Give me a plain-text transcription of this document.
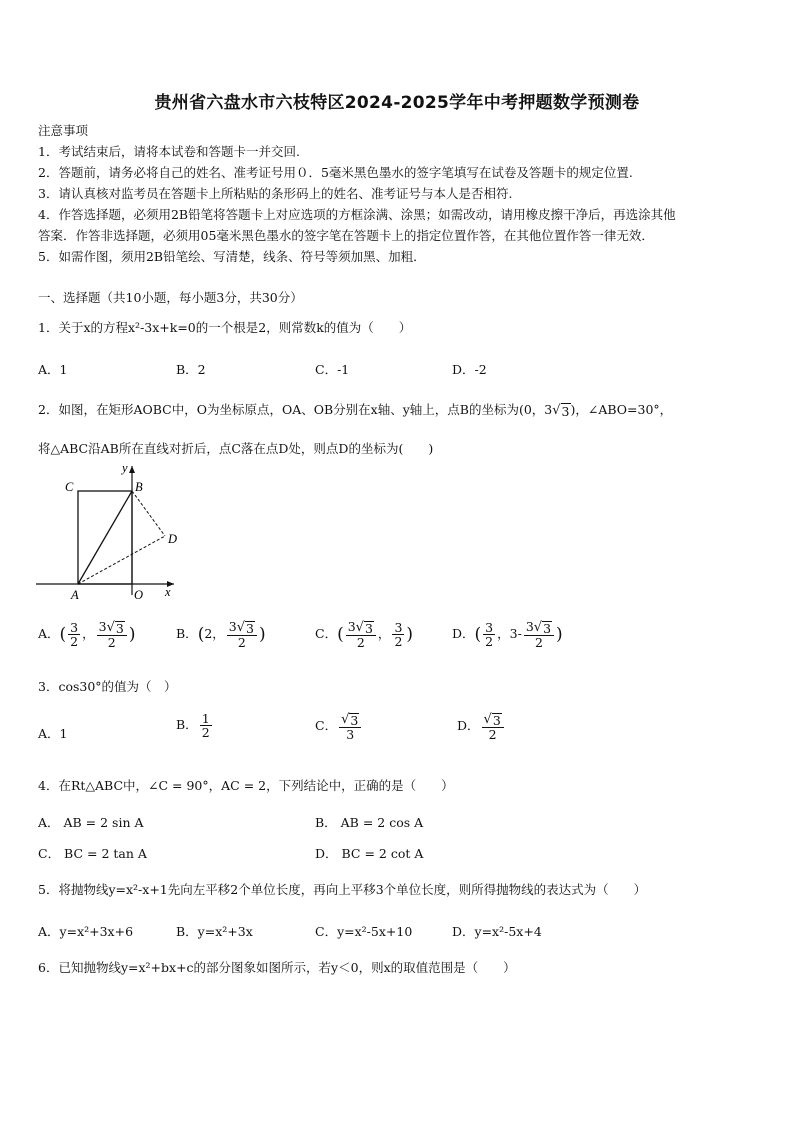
贵州省六盘水市六枝特区2024-2025学年中考押题数学预测卷
注意事项
1．考试结束后，请将本试卷和答题卡一并交回.
2．答题前，请务必将自己的姓名、准考证号用０．5毫米黑色墨水的签字笔填写在试卷及答题卡的规定位置.
3．请认真核对监考员在答题卡上所粘贴的条形码上的姓名、准考证号与本人是否相符.
4．作答选择题，必须用2B铅笔将答题卡上对应选项的方框涂满、涂黑；如需改动，请用橡皮擦干净后，再选涂其他
答案．作答非选择题，必须用05毫米黑色墨水的签字笔在答题卡上的指定位置作答，在其他位置作答一律无效．
5．如需作图，须用2B铅笔绘、写清楚，线条、符号等须加黑、加粗．
一、选择题（共10小题，每小题3分，共30分）
1．关于x的方程x²-3x+k=0的一个根是2，则常数k的值为（　　）
A．1	B．2	C．-1	D．-2
2．如图，在矩形AOBC中，O为坐标原点，OA、OB分别在x轴、y轴上，点B的坐标为(0，3 √ 3 )，∠ABO=30°，
将△ABC沿AB所在直线对折后，点C落在点D处，则点D的坐标为(　　)
C	B
D
A	O x
y
A．( $\frac{3}{2}$ ， $\frac{3 √ 3}{2}$ )	B．(2， $\frac{3 √ 3}{2}$ )	C．( $\frac{3 √ 3}{2}$ ， $\frac{3}{2}$ )	D．( $\frac{3}{2}$ ，$3- \frac{3 √ 3}{2}$ )
3．cos30°的值为（　）
A．1
B． $\frac{1}{2}$	C． $\frac{√ 3}{3}$	D． $\frac{√ 3}{2}$
4．在Rt△ABC中，∠C = 90°，AC = 2，下列结论中，正确的是（　　）
A． AB = 2 sin A	B． AB = 2 cos A
C． BC = 2 tan A	D． BC = 2 cot A
5．将抛物线y=x²-x+1先向左平移2个单位长度，再向上平移3个单位长度，则所得抛物线的表达式为（　　）
A．y=x²+3x+6	B．y=x²+3x	C．y=x²-5x+10	D．y=x²-5x+4
6．已知抛物线y=x²+bx+c的部分图象如图所示，若y＜0，则x的取值范围是（　　）
